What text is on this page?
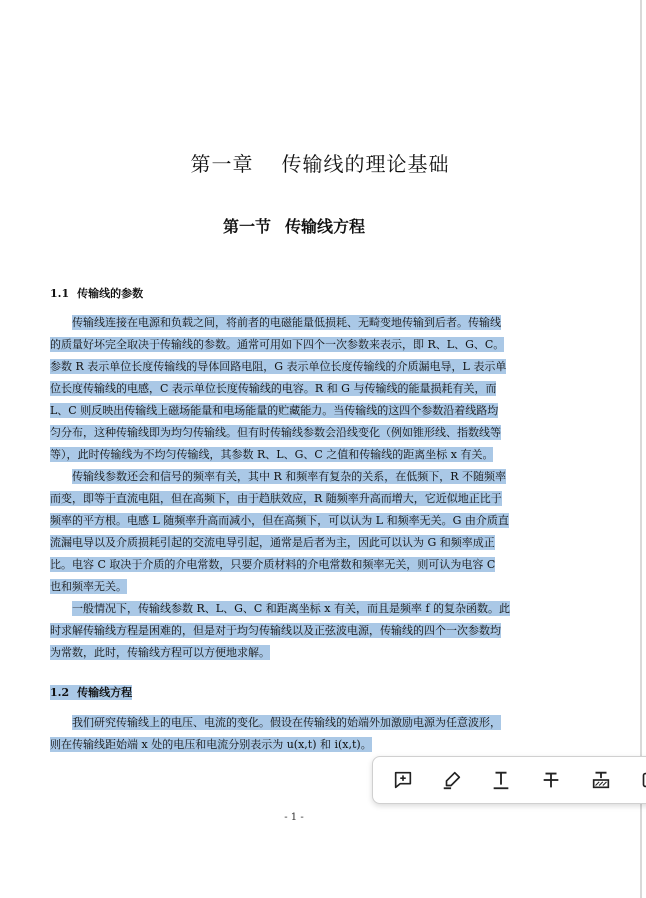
第一章 传输线的理论基础
第一节 传输线方程
1.1 传输线的参数
传输线连接在电源和负载之间，将前者的电磁能量低损耗、无畸变地传输到后者。传输线
的质量好坏完全取决于传输线的参数。通常可用如下四个一次参数来表示，即 R、L、G、C。
参数 R 表示单位长度传输线的导体回路电阻，G 表示单位长度传输线的介质漏电导，L 表示单
位长度传输线的电感，C 表示单位长度传输线的电容。R 和 G 与传输线的能量损耗有关，而
L、C 则反映出传输线上磁场能量和电场能量的贮藏能力。当传输线的这四个参数沿着线路均
匀分布，这种传输线即为均匀传输线。但有时传输线参数会沿线变化（例如锥形线、指数线等
等），此时传输线为不均匀传输线，其参数 R、L、G、C 之值和传输线的距离坐标 x 有关。
传输线参数还会和信号的频率有关，其中 R 和频率有复杂的关系，在低频下，R 不随频率
而变，即等于直流电阻，但在高频下，由于趋肤效应，R 随频率升高而增大，它近似地正比于
频率的平方根。电感 L 随频率升高而减小，但在高频下，可以认为 L 和频率无关。G 由介质直
流漏电导以及介质损耗引起的交流电导引起，通常是后者为主，因此可以认为 G 和频率成正
比。电容 C 取决于介质的介电常数，只要介质材料的介电常数和频率无关，则可认为电容 C
也和频率无关。
一般情况下，传输线参数 R、L、G、C 和距离坐标 x 有关，而且是频率 f 的复杂函数。此
时求解传输线方程是困难的，但是对于均匀传输线以及正弦波电源，传输线的四个一次参数均
为常数，此时，传输线方程可以方便地求解。
1.2 传输线方程
我们研究传输线上的电压、电流的变化。假设在传输线的始端外加激励电源为任意波形，
则在传输线距始端 x 处的电压和电流分别表示为 u(x,t) 和 i(x,t)。
- 1 -
